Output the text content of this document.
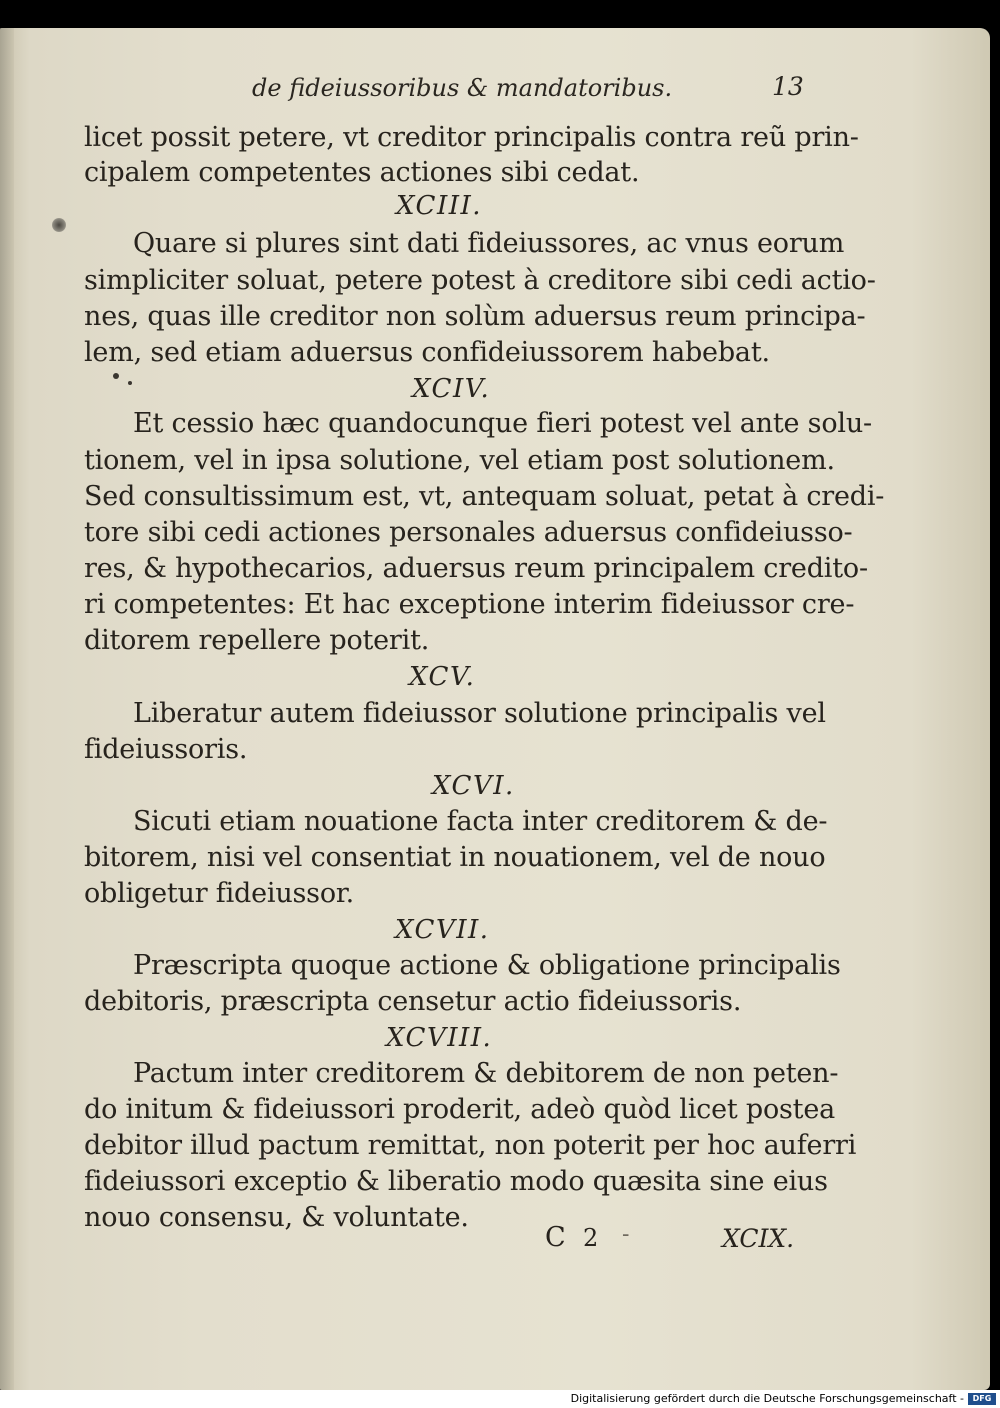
de fideiussoribus & mandatoribus.	13
licet possit petere, vt creditor principalis contra reũ prin-
cipalem competentes actiones sibi cedat.
XCIII.
Quare si plures sint dati fideiussores, ac vnus eorum
simpliciter soluat, petere potest à creditore sibi cedi actio-
nes, quas ille creditor non solùm aduersus reum principa-
lem, sed etiam aduersus confideiussorem habebat.
XCIV.
Et cessio hæc quandocunque fieri potest vel ante solu-
tionem, vel in ipsa solutione, vel etiam post solutionem.
Sed consultissimum est, vt, antequam soluat, petat à credi-
tore sibi cedi actiones personales aduersus confideiusso-
res, & hypothecarios, aduersus reum principalem credito-
ri competentes: Et hac exceptione interim fideiussor cre-
ditorem repellere poterit.
XCV.
Liberatur autem fideiussor solutione principalis vel
fideiussoris.
XCVI.
Sicuti etiam nouatione facta inter creditorem & de-
bitorem, nisi vel consentiat in nouationem, vel de nouo
obligetur fideiussor.
XCVII.
Præscripta quoque actione & obligatione principalis
debitoris, præscripta censetur actio fideiussoris.
XCVIII.
Pactum inter creditorem & debitorem de non peten-
do initum & fideiussori proderit, adeò quòd licet postea
debitor illud pactum remittat, non poterit per hoc auferri
fideiussori exceptio & liberatio modo quæsita sine eius
nouo consensu, & voluntate.
C 2 -	XCIX.
Digitalisierung gefördert durch die Deutsche Forschungsgemeinschaft -	DFG
